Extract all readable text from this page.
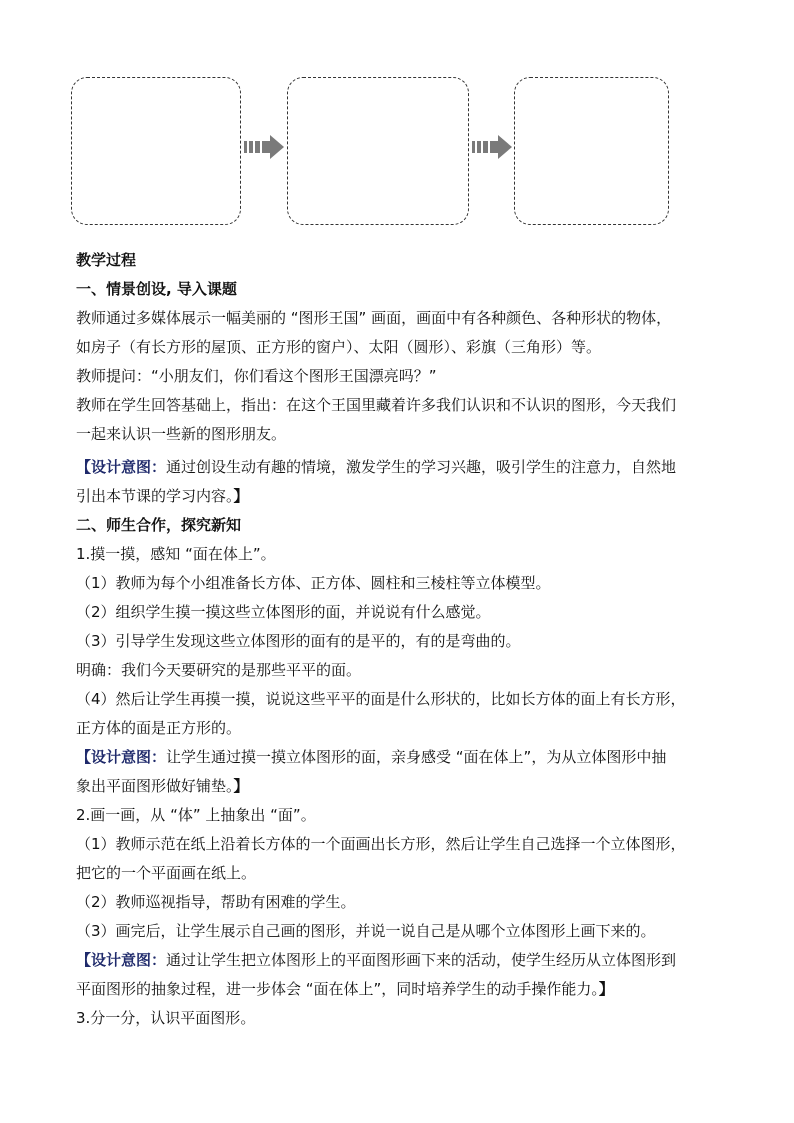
教学过程
一、情景创设, 导入课题
教师通过多媒体展示一幅美丽的 “图形王国” 画面，画面中有各种颜色、各种形状的物体，
如房子（有长方形的屋顶、正方形的窗户）、太阳（圆形）、彩旗（三角形）等。
教师提问：“小朋友们，你们看这个图形王国漂亮吗？”
教师在学生回答基础上，指出：在这个王国里藏着许多我们认识和不认识的图形，今天我们
一起来认识一些新的图形朋友。
【设计意图：通过创设生动有趣的情境，激发学生的学习兴趣，吸引学生的注意力，自然地
引出本节课的学习内容。】
二、师生合作，探究新知
1.摸一摸，感知 “面在体上”。
（1）教师为每个小组准备长方体、正方体、圆柱和三棱柱等立体模型。
（2）组织学生摸一摸这些立体图形的面，并说说有什么感觉。
（3）引导学生发现这些立体图形的面有的是平的，有的是弯曲的。
明确：我们今天要研究的是那些平平的面。
（4）然后让学生再摸一摸，说说这些平平的面是什么形状的，比如长方体的面上有长方形，
正方体的面是正方形的。
【设计意图：让学生通过摸一摸立体图形的面，亲身感受 “面在体上”，为从立体图形中抽
象出平面图形做好铺垫。】
2.画一画，从 “体” 上抽象出 “面”。
（1）教师示范在纸上沿着长方体的一个面画出长方形，然后让学生自己选择一个立体图形，
把它的一个平面画在纸上。
（2）教师巡视指导，帮助有困难的学生。
（3）画完后，让学生展示自己画的图形，并说一说自己是从哪个立体图形上画下来的。
【设计意图：通过让学生把立体图形上的平面图形画下来的活动，使学生经历从立体图形到
平面图形的抽象过程，进一步体会 “面在体上”，同时培养学生的动手操作能力。】
3.分一分，认识平面图形。
